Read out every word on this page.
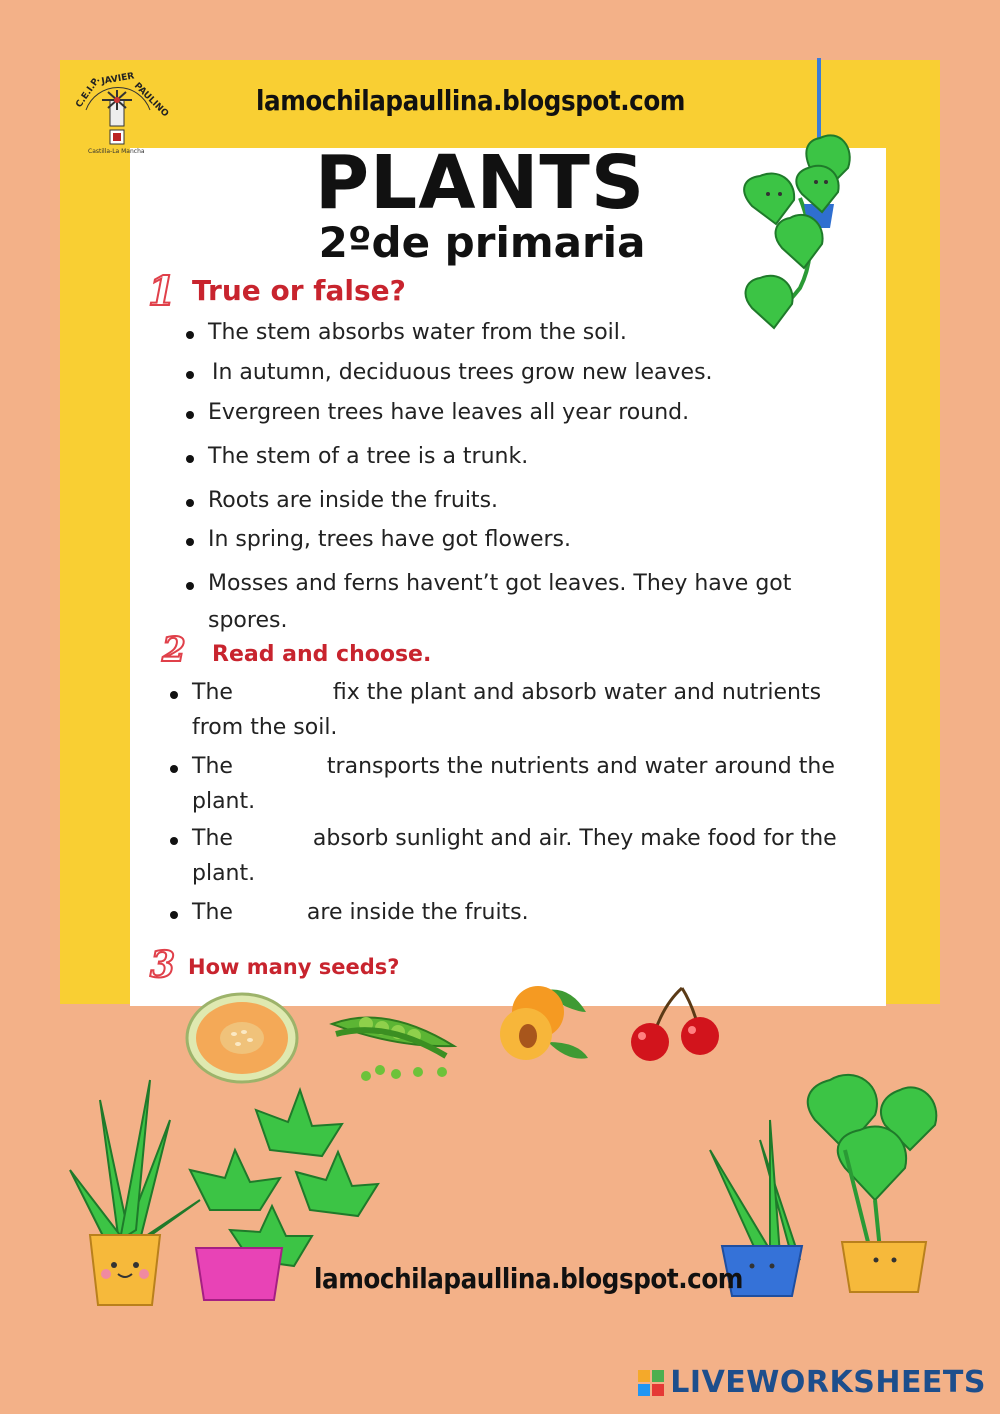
C.E.I.P.
JAVIER
PAULINO
Castilla-La Mancha
lamochilapaullina.blogspot.com
PLANTS
2ºde primaria
1 True or false?
The stem absorbs water from the soil.
In autumn, deciduous trees grow new leaves.
Evergreen trees have leaves all year round.
The stem of a tree is a trunk.
Roots are inside the fruits.
In spring, trees have got flowers.
Mosses and ferns havent’t got leaves. They have got
spores.
2 Read and choose.
The	fix the plant and absorb water and nutrients
from the soil.
The	transports the nutrients and water around the
plant.
The	absorb sunlight and air. They make food for the
plant.
The	are inside the fruits.
3 How many seeds?
lamochilapaullina.blogspot.com
LIVEWORKSHEETS
